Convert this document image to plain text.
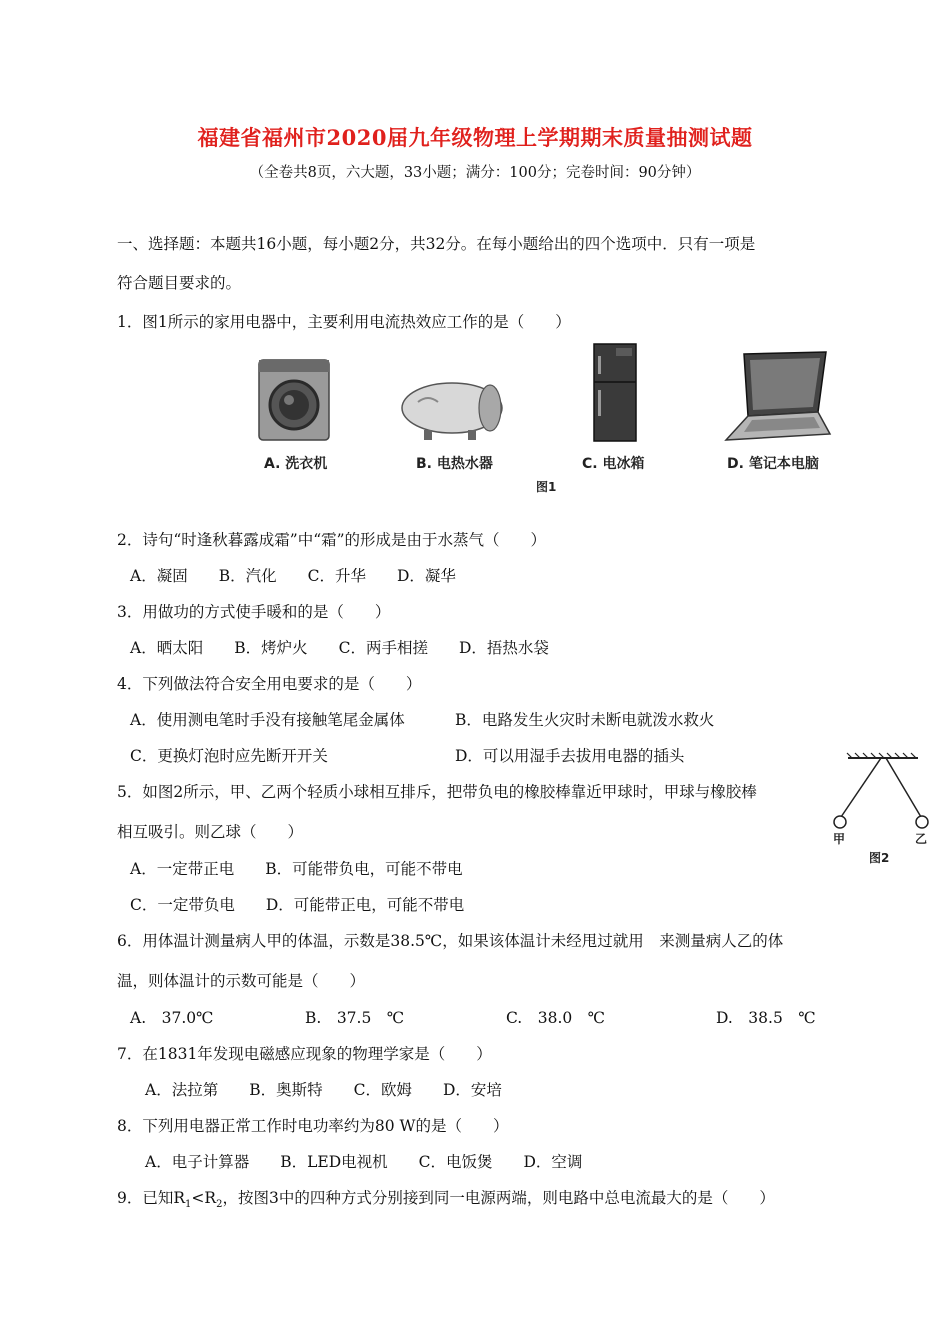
福建省福州市2020届九年级物理上学期期末质量抽测试题
（全卷共8页，六大题，33小题；满分：100分；完卷时间：90分钟）
一、选择题：本题共16小题，每小题2分，共32分。在每小题给出的四个选项中．只有一项是
符合题目要求的。
1．图1所示的家用电器中，主要利用电流热效应工作的是（　　）
A. 洗衣机	B. 电热水器	C. 电冰箱	D. 笔记本电脑
图1
2．诗句“时逢秋暮露成霜”中“霜”的形成是由于水蒸气（　　）
A．凝固　　B．汽化　　C．升华　　D．凝华
3．用做功的方式使手暖和的是（　　）
A．晒太阳　　B．烤炉火　　C．两手相搓　　D．捂热水袋
4．下列做法符合安全用电要求的是（　　）
A．使用测电笔时手没有接触笔尾金属体	B．电路发生火灾时未断电就泼水救火
C．更换灯泡时应先断开开关	D．可以用湿手去拔用电器的插头
甲	乙
图2
5．如图2所示，甲、乙两个轻质小球相互排斥，把带负电的橡胶棒靠近甲球时，甲球与橡胶棒
相互吸引。则乙球（　　）
A．一定带正电　　B．可能带负电，可能不带电
C．一定带负电　　D．可能带正电，可能不带电
6．用体温计测量病人甲的体温，示数是38.5℃，如果该体温计未经甩过就用　来测量病人乙的体
温，则体温计的示数可能是（　　）
A.　37.0℃	B.　37.5　℃	C.　38.0　℃	D.　38.5　℃
7．在1831年发现电磁感应现象的物理学家是（　　）
A．法拉第　　B．奥斯特　　C．欧姆　　D．安培
8．下列用电器正常工作时电功率约为80 W的是（　　）
A．电子计算器　　B．LED电视机　　C．电饭煲　　D．空调
9．已知$R_1<R_2$，按图3中的四种方式分别接到同一电源两端，则电路中总电流最大的是（　　）
